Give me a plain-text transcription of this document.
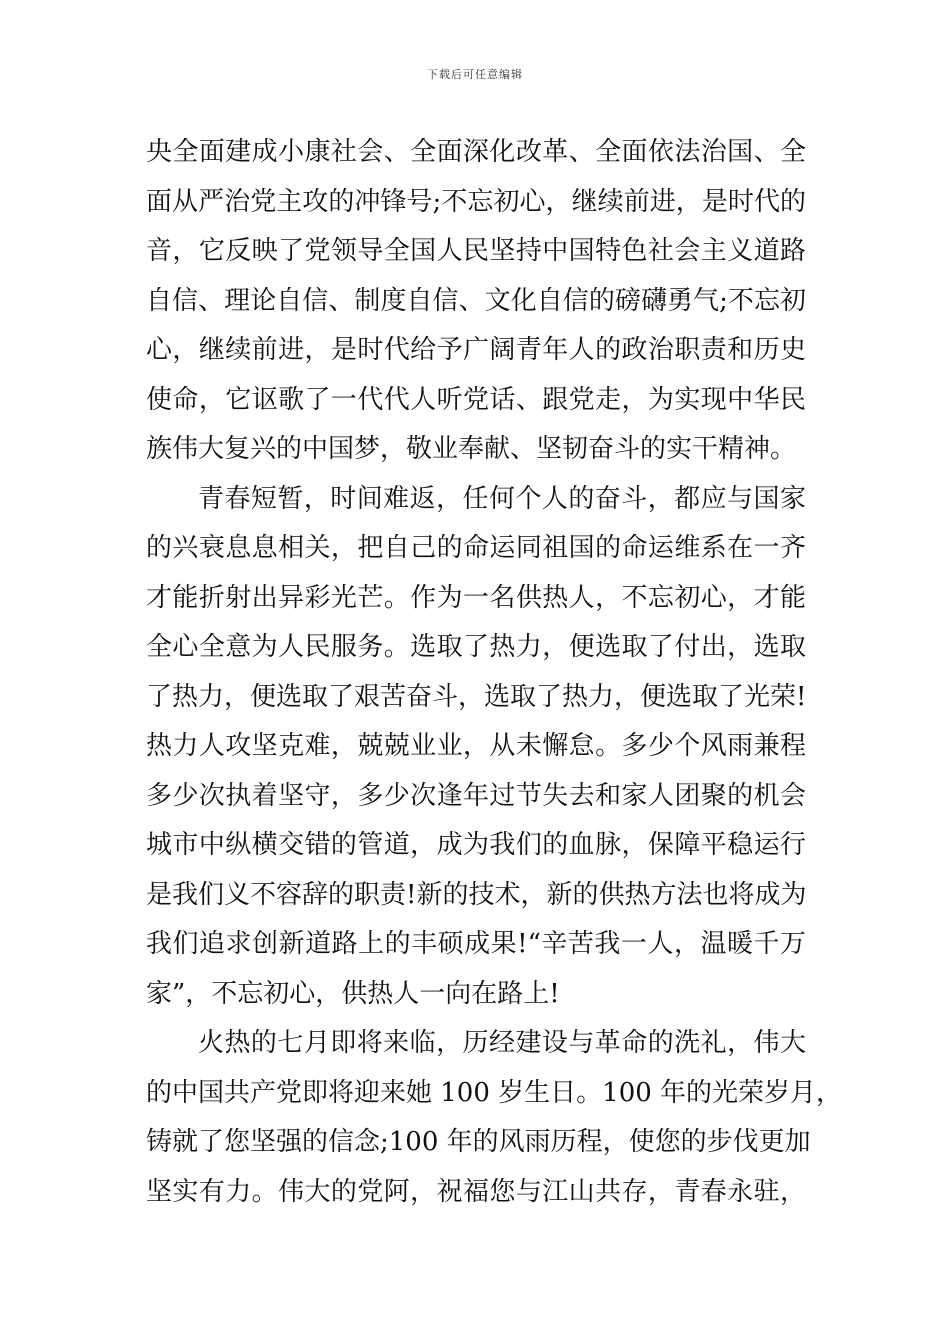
下载后可任意编辑
央全面建成小康社会、全面深化改革、全面依法治国、全
面从严治党主攻的冲锋号;不忘初心，继续前进，是时代的
音，它反映了党领导全国人民坚持中国特色社会主义道路
自信、理论自信、制度自信、文化自信的磅礴勇气;不忘初
心，继续前进，是时代给予广阔青年人的政治职责和历史
使命，它讴歌了一代代人听党话、跟党走，为实现中华民
族伟大复兴的中国梦，敬业奉献、坚韧奋斗的实干精神。
青春短暂，时间难返，任何个人的奋斗，都应与国家
的兴衰息息相关，把自己的命运同祖国的命运维系在一齐
才能折射出异彩光芒。作为一名供热人，不忘初心，才能
全心全意为人民服务。选取了热力，便选取了付出，选取
了热力，便选取了艰苦奋斗，选取了热力，便选取了光荣!
热力人攻坚克难，兢兢业业，从未懈怠。多少个风雨兼程
多少次执着坚守，多少次逢年过节失去和家人团聚的机会
城市中纵横交错的管道，成为我们的血脉，保障平稳运行
是我们义不容辞的职责!新的技术，新的供热方法也将成为
我们追求创新道路上的丰硕成果!“辛苦我一人，温暖千万
家”，不忘初心，供热人一向在路上!
火热的七月即将来临，历经建设与革命的洗礼，伟大
的中国共产党即将迎来她 100 岁生日。100 年的光荣岁月，
铸就了您坚强的信念;100 年的风雨历程，使您的步伐更加
坚实有力。伟大的党阿，祝福您与江山共存，青春永驻，
